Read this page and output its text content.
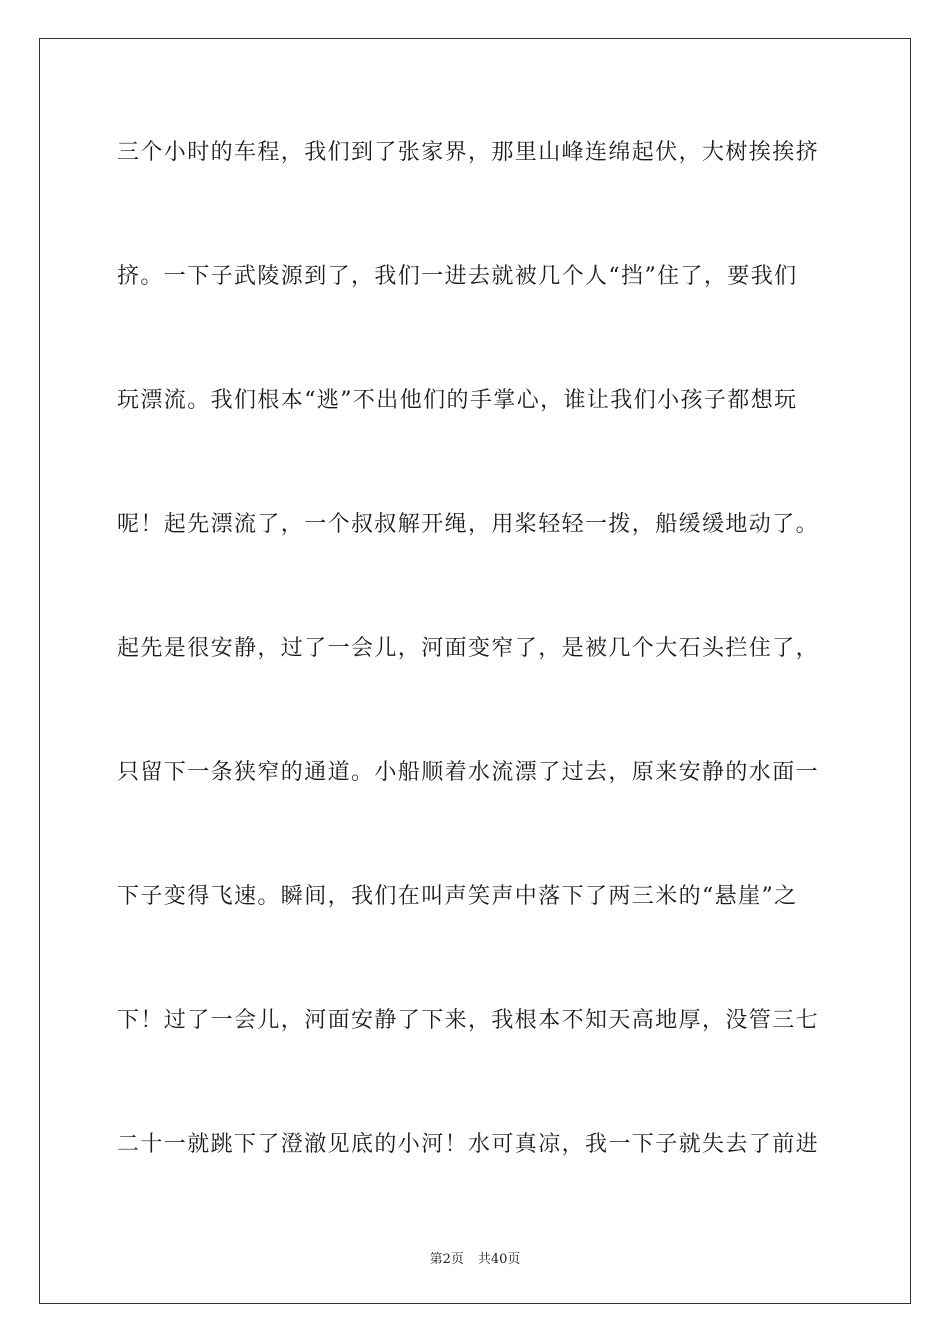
三个小时的车程，我们到了张家界，那里山峰连绵起伏，大树挨挨挤
挤。一下子武陵源到了，我们一进去就被几个人“挡”住了，要我们
玩漂流。我们根本“逃”不出他们的手掌心，谁让我们小孩子都想玩
呢！起先漂流了，一个叔叔解开绳，用桨轻轻一拨，船缓缓地动了。
起先是很安静，过了一会儿，河面变窄了，是被几个大石头拦住了，
只留下一条狭窄的通道。小船顺着水流漂了过去，原来安静的水面一
下子变得飞速。瞬间，我们在叫声笑声中落下了两三米的“悬崖”之
下！过了一会儿，河面安静了下来，我根本不知天高地厚，没管三七
二十一就跳下了澄澈见底的小河！水可真凉，我一下子就失去了前进
第2页 共40页
